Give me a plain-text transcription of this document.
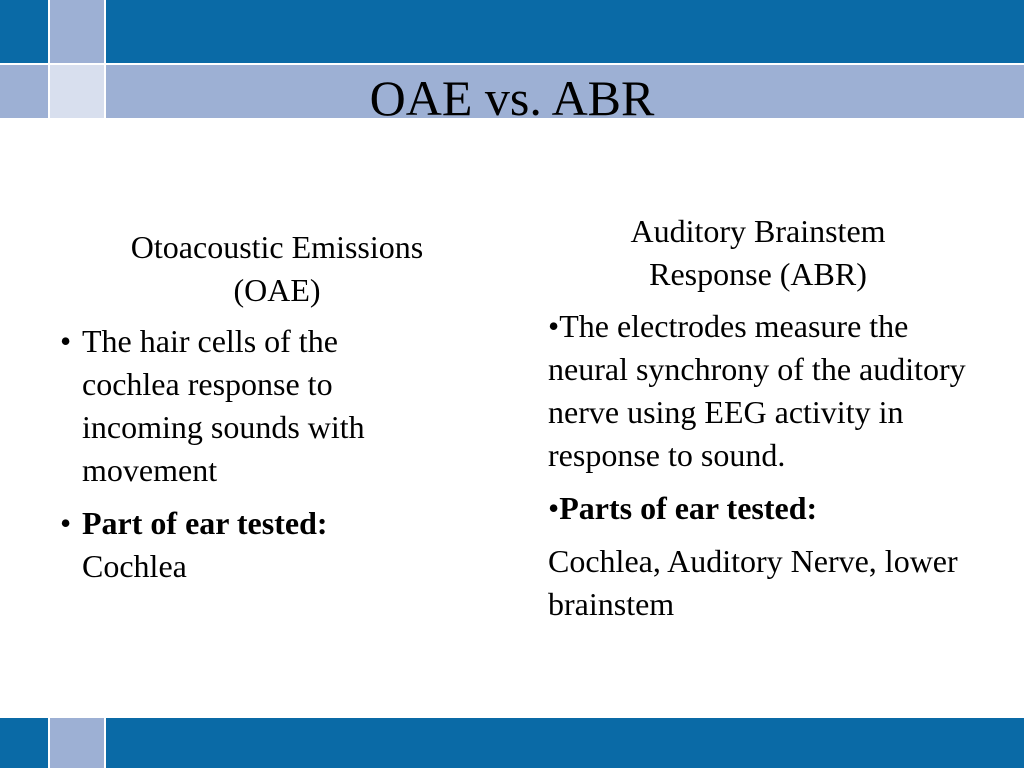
OAE vs. ABR
Otoacoustic Emissions
(OAE)
• The hair cells of the cochlea response to incoming sounds with movement
• Part of ear tested:
Cochlea
Auditory Brainstem
Response (ABR)
•The electrodes measure the neural synchrony of the auditory nerve using EEG activity in response to sound.
•Parts of ear tested:
Cochlea, Auditory Nerve, lower brainstem
